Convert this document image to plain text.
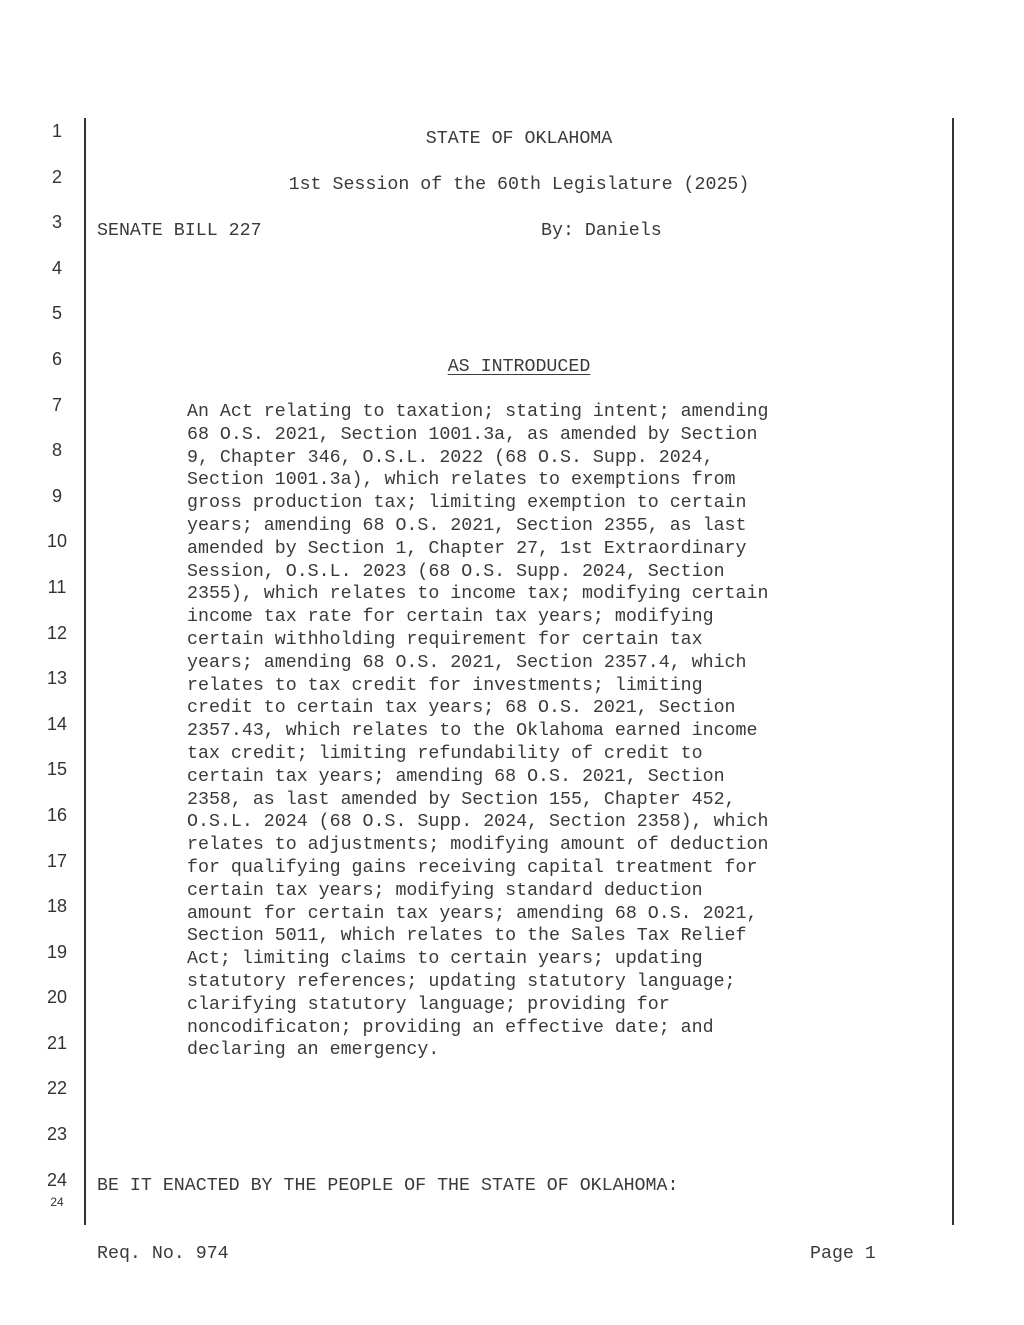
1
2
3
4
5
6
7
8
9
10
11
12
13
14
15
16
17
18
19
20
21
22
23
24
24
STATE OF OKLAHOMA
1st Session of the 60th Legislature (2025)
SENATE BILL 227	By: Daniels
AS INTRODUCED
An Act relating to taxation; stating intent; amending
68 O.S. 2021, Section 1001.3a, as amended by Section
9, Chapter 346, O.S.L. 2022 (68 O.S. Supp. 2024,
Section 1001.3a), which relates to exemptions from
gross production tax; limiting exemption to certain
years; amending 68 O.S. 2021, Section 2355, as last
amended by Section 1, Chapter 27, 1st Extraordinary
Session, O.S.L. 2023 (68 O.S. Supp. 2024, Section
2355), which relates to income tax; modifying certain
income tax rate for certain tax years; modifying
certain withholding requirement for certain tax
years; amending 68 O.S. 2021, Section 2357.4, which
relates to tax credit for investments; limiting
credit to certain tax years; 68 O.S. 2021, Section
2357.43, which relates to the Oklahoma earned income
tax credit; limiting refundability of credit to
certain tax years; amending 68 O.S. 2021, Section
2358, as last amended by Section 155, Chapter 452,
O.S.L. 2024 (68 O.S. Supp. 2024, Section 2358), which
relates to adjustments; modifying amount of deduction
for qualifying gains receiving capital treatment for
certain tax years; modifying standard deduction
amount for certain tax years; amending 68 O.S. 2021,
Section 5011, which relates to the Sales Tax Relief
Act; limiting claims to certain years; updating
statutory references; updating statutory language;
clarifying statutory language; providing for
noncodificaton; providing an effective date; and
declaring an emergency.
BE IT ENACTED BY THE PEOPLE OF THE STATE OF OKLAHOMA:
Req. No. 974	Page 1
